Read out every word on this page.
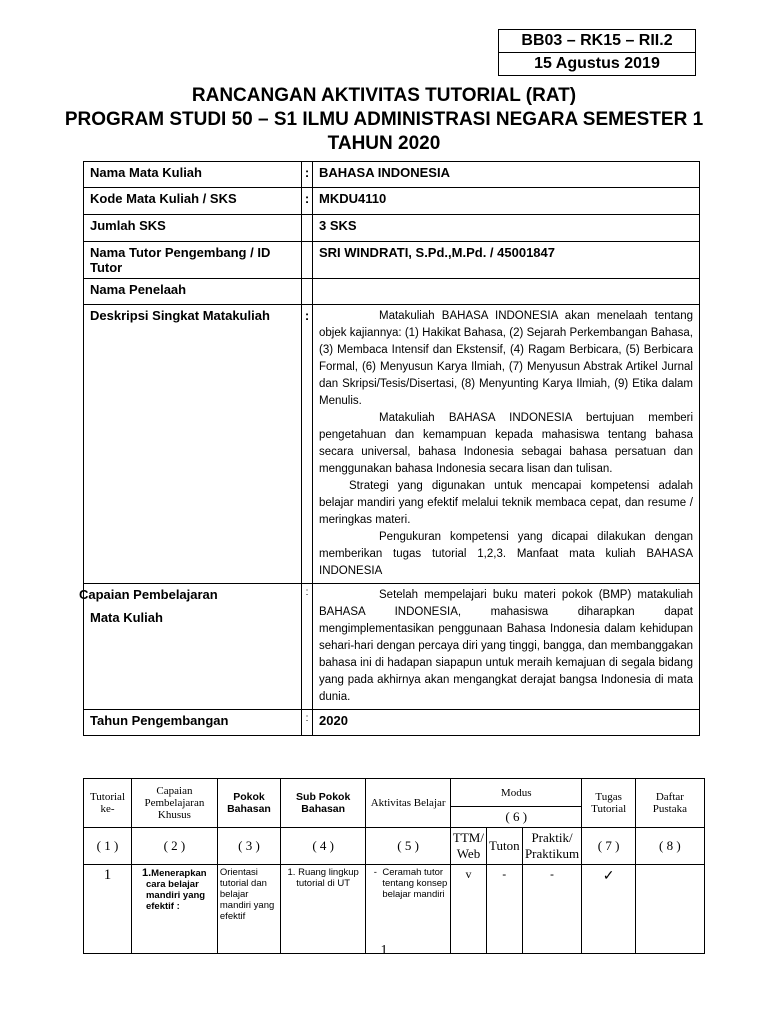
BB03 – RK15 – RII.2
15 Agustus 2019
RANCANGAN AKTIVITAS TUTORIAL (RAT)
PROGRAM STUDI 50 – S1 ILMU ADMINISTRASI NEGARA SEMESTER 1
TAHUN 2020
Nama Mata Kuliah	:	BAHASA INDONESIA
Kode Mata Kuliah / SKS	:	MKDU4110
Jumlah SKS		3 SKS
Nama Tutor Pengembang / ID Tutor		SRI WINDRATI, S.Pd.,M.Pd. / 45001847
Nama Penelaah		
Deskripsi Singkat Matakuliah	:	Matakuliah BAHASA INDONESIA akan menelaah tentang objek kajiannya: (1) Hakikat Bahasa, (2) Sejarah Perkembangan Bahasa, (3) Membaca Intensif dan Ekstensif, (4) Ragam Berbicara, (5) Berbicara Formal, (6) Menyusun Karya Ilmiah, (7) Menyusun Abstrak Artikel Jurnal dan Skripsi/Tesis/Disertasi, (8) Menyunting Karya Ilmiah, (9) Etika dalam Menulis.

Matakuliah BAHASA INDONESIA bertujuan memberi pengetahuan dan kemampuan kepada mahasiswa tentang bahasa secara universal, bahasa Indonesia sebagai bahasa persatuan dan menggunakan bahasa Indonesia secara lisan dan tulisan.

Strategi yang digunakan untuk mencapai kompetensi adalah belajar mandiri yang efektif melalui teknik membaca cepat, dan resume / meringkas materi.

Pengukuran kompetensi yang dicapai dilakukan dengan memberikan tugas tutorial 1,2,3. Manfaat mata kuliah BAHASA INDONESIA

Capaian Pembelajaran
Mata Kuliah	:	Setelah mempelajari buku materi pokok (BMP) matakuliah BAHASA INDONESIA, mahasiswa diharapkan dapat mengimplementasikan penggunaan Bahasa Indonesia dalam kehidupan sehari-hari dengan percaya diri yang tinggi, bangga, dan membanggakan bahasa ini di hadapan siapapun untuk meraih kemajuan di segala bidang yang pada akhirnya akan mengangkat derajat bangsa Indonesia di mata dunia.

Tahun Pengembangan	:	2020
Tutorial ke-	Capaian Pembelajaran Khusus	Pokok Bahasan	Sub Pokok Bahasan	Aktivitas Belajar	Modus			Tugas Tutorial	Daftar Pustaka
					( 6 )				
( 1 )	( 2 )	( 3 )	( 4 )	( 5 )	TTM/ Web	Tuton	Praktik/ Praktikum	( 7 )	( 8 )
1	1.Menerapkan cara belajar mandiri yang efektif :	Orientasi tutorial dan belajar mandiri yang efektif	1. Ruang lingkup tutorial di UT	- Ceramah tutor tentang konsep belajar mandiri	v	-	-	✓	
1
